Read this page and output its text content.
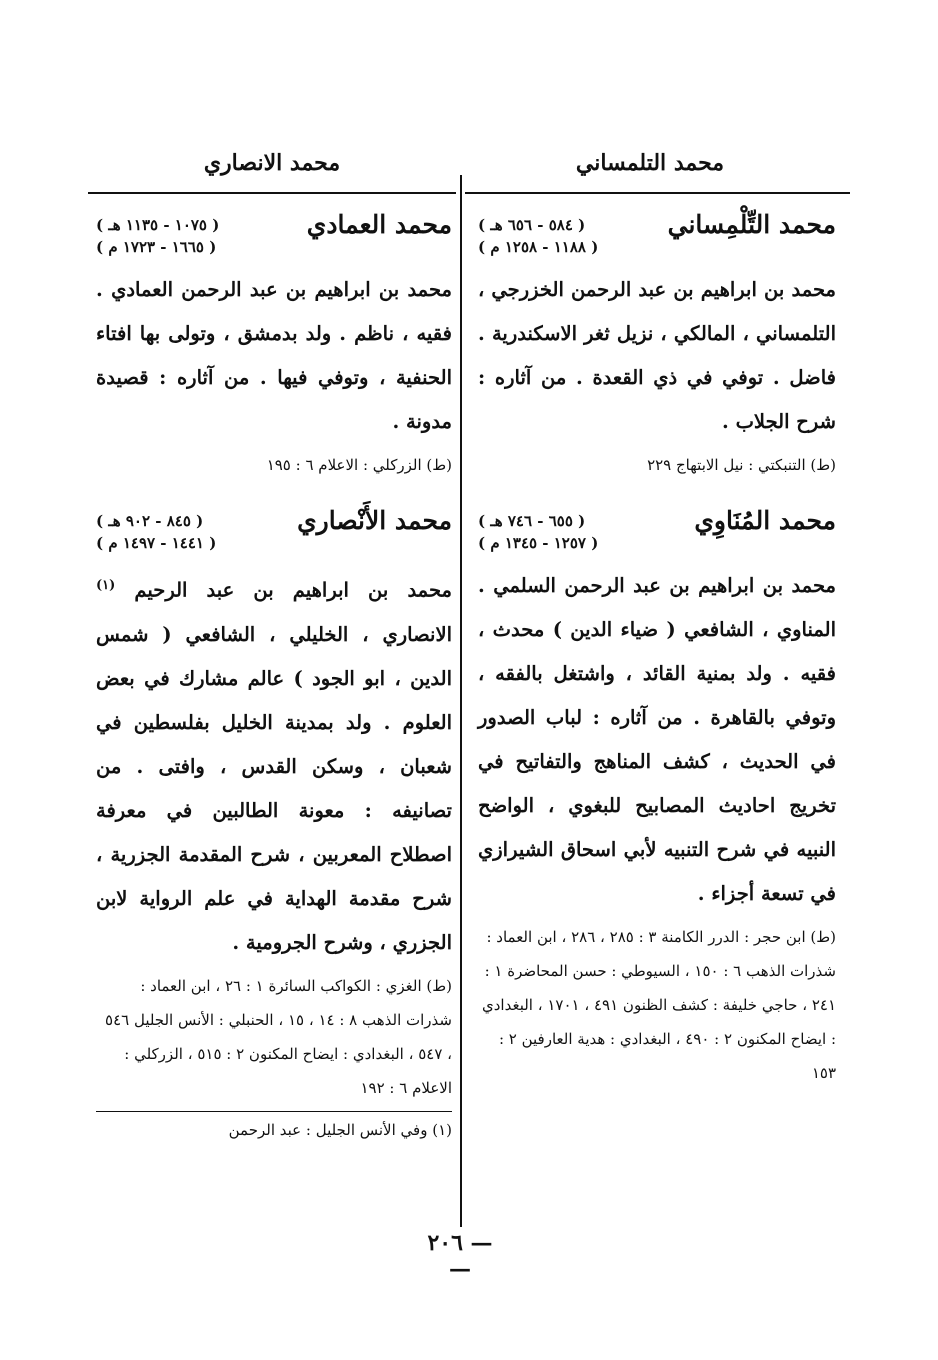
محمد التلمساني
محمد الانصاري
محمد التِّلْمِساني
( ٥٨٤ - ٦٥٦ هـ )
( ١١٨٨ - ١٢٥٨ م )
محمد بن ابراهيم بن عبد الرحمن الخزرجي ، التلمساني ، المالكي ، نزيل ثغر الاسكندرية . فاضل . توفي في ذي القعدة . من آثاره : شرح الجلاب .
(ط) التنبكتي : نيل الابتهاج ٢٢٩
محمد المُنَاوِي
( ٦٥٥ - ٧٤٦ هـ )
( ١٢٥٧ - ١٣٤٥ م )
محمد بن ابراهيم بن عبد الرحمن السلمي . المناوي ، الشافعي ( ضياء الدين ) محدث ، فقيه . ولد بمنية القائد ، واشتغل بالفقه ، وتوفي بالقاهرة . من آثاره : لباب الصدور في الحديث ، كشف المناهج والتفاتيح في تخريج احاديث المصابيح للبغوي ، الواضح النبيه في شرح التنبيه لأبي اسحاق الشيرازي في تسعة أجزاء .
(ط) ابن حجر : الدرر الكامنة ٣ : ٢٨٥ ، ٢٨٦ ، ابن العماد : شذرات الذهب ٦ : ١٥٠ ، السيوطي : حسن المحاضرة ١ : ٢٤١ ، حاجي خليفة : كشف الظنون ٤٩١ ، ١٧٠١ ، البغدادي : ايضاح المكنون ٢ : ٤٩٠ ، البغدادي : هدية العارفين ٢ : ١٥٣
محمد العمادي
( ١٠٧٥ - ١١٣٥ هـ )
( ١٦٦٥ - ١٧٢٣ م )
محمد بن ابراهيم بن عبد الرحمن العمادي . فقيه ، ناظم . ولد بدمشق ، وتولى بها افتاء الحنفية ، وتوفي فيها . من آثاره : قصيدة مدونة .
(ط) الزركلي : الاعلام ٦ : ١٩٥
محمد الأَنْصاري
( ٨٤٥ - ٩٠٢ هـ )
( ١٤٤١ - ١٤٩٧ م )
محمد بن ابراهيم بن عبد الرحيم $^{(١)}$ الانصاري ، الخليلي ، الشافعي ( شمس الدين ، ابو الجود ) عالم مشارك في بعض العلوم . ولد بمدينة الخليل بفلسطين في شعبان ، وسكن القدس ، وافتى . من تصانيفه : معونة الطالبين في معرفة اصطلاح المعربين ، شرح المقدمة الجزرية ، شرح مقدمة الهداية في علم الرواية لابن الجزري ، وشرح الجرومية .
(ط) الغزي : الكواكب السائرة ١ : ٢٦ ، ابن العماد : شذرات الذهب ٨ : ١٤ ، ١٥ ، الحنبلي : الأنس الجليل ٥٤٦ ، ٥٤٧ ، البغدادي : ايضاح المكنون ٢ : ٥١٥ ، الزركلي : الاعلام ٦ : ١٩٢
(١) وفي الأنس الجليل : عبد الرحمن
— ٢٠٦ —
